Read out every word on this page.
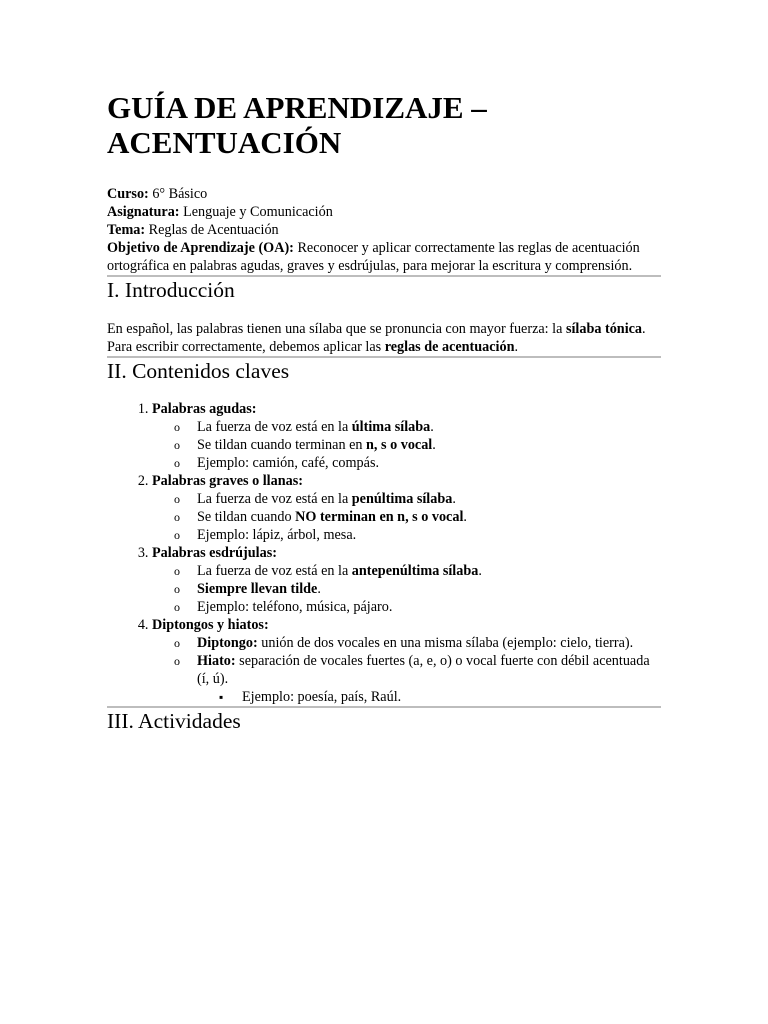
GUÍA DE APRENDIZAJE –
ACENTUACIÓN

Curso: 6° Básico

Asignatura: Lenguaje y Comunicación

Tema: Reglas de Acentuación

Objetivo de Aprendizaje (OA): Reconocer y aplicar correctamente las reglas de acentuación ortográfica en palabras agudas, graves y esdrújulas, para mejorar la escritura y comprensión.

I. Introducción

En español, las palabras tienen una sílaba que se pronuncia con mayor fuerza: la sílaba tónica.

Para escribir correctamente, debemos aplicar las reglas de acentuación.

II. Contenidos claves
1. Palabras agudas:
o La fuerza de voz está en la última sílaba.
o Se tildan cuando terminan en n, s o vocal.
o Ejemplo: camión, café, compás.
2. Palabras graves o llanas:
o La fuerza de voz está en la penúltima sílaba.
o Se tildan cuando NO terminan en n, s o vocal.
o Ejemplo: lápiz, árbol, mesa.
3. Palabras esdrújulas:
o La fuerza de voz está en la antepenúltima sílaba.
o Siempre llevan tilde.
o Ejemplo: teléfono, música, pájaro.
4. Diptongos y hiatos:
o Diptongo: unión de dos vocales en una misma sílaba (ejemplo: cielo, tierra).
o Hiato: separación de vocales fuertes (a, e, o) o vocal fuerte con débil acentuada (í, ú).
▪ Ejemplo: poesía, país, Raúl.
III. Actividades
